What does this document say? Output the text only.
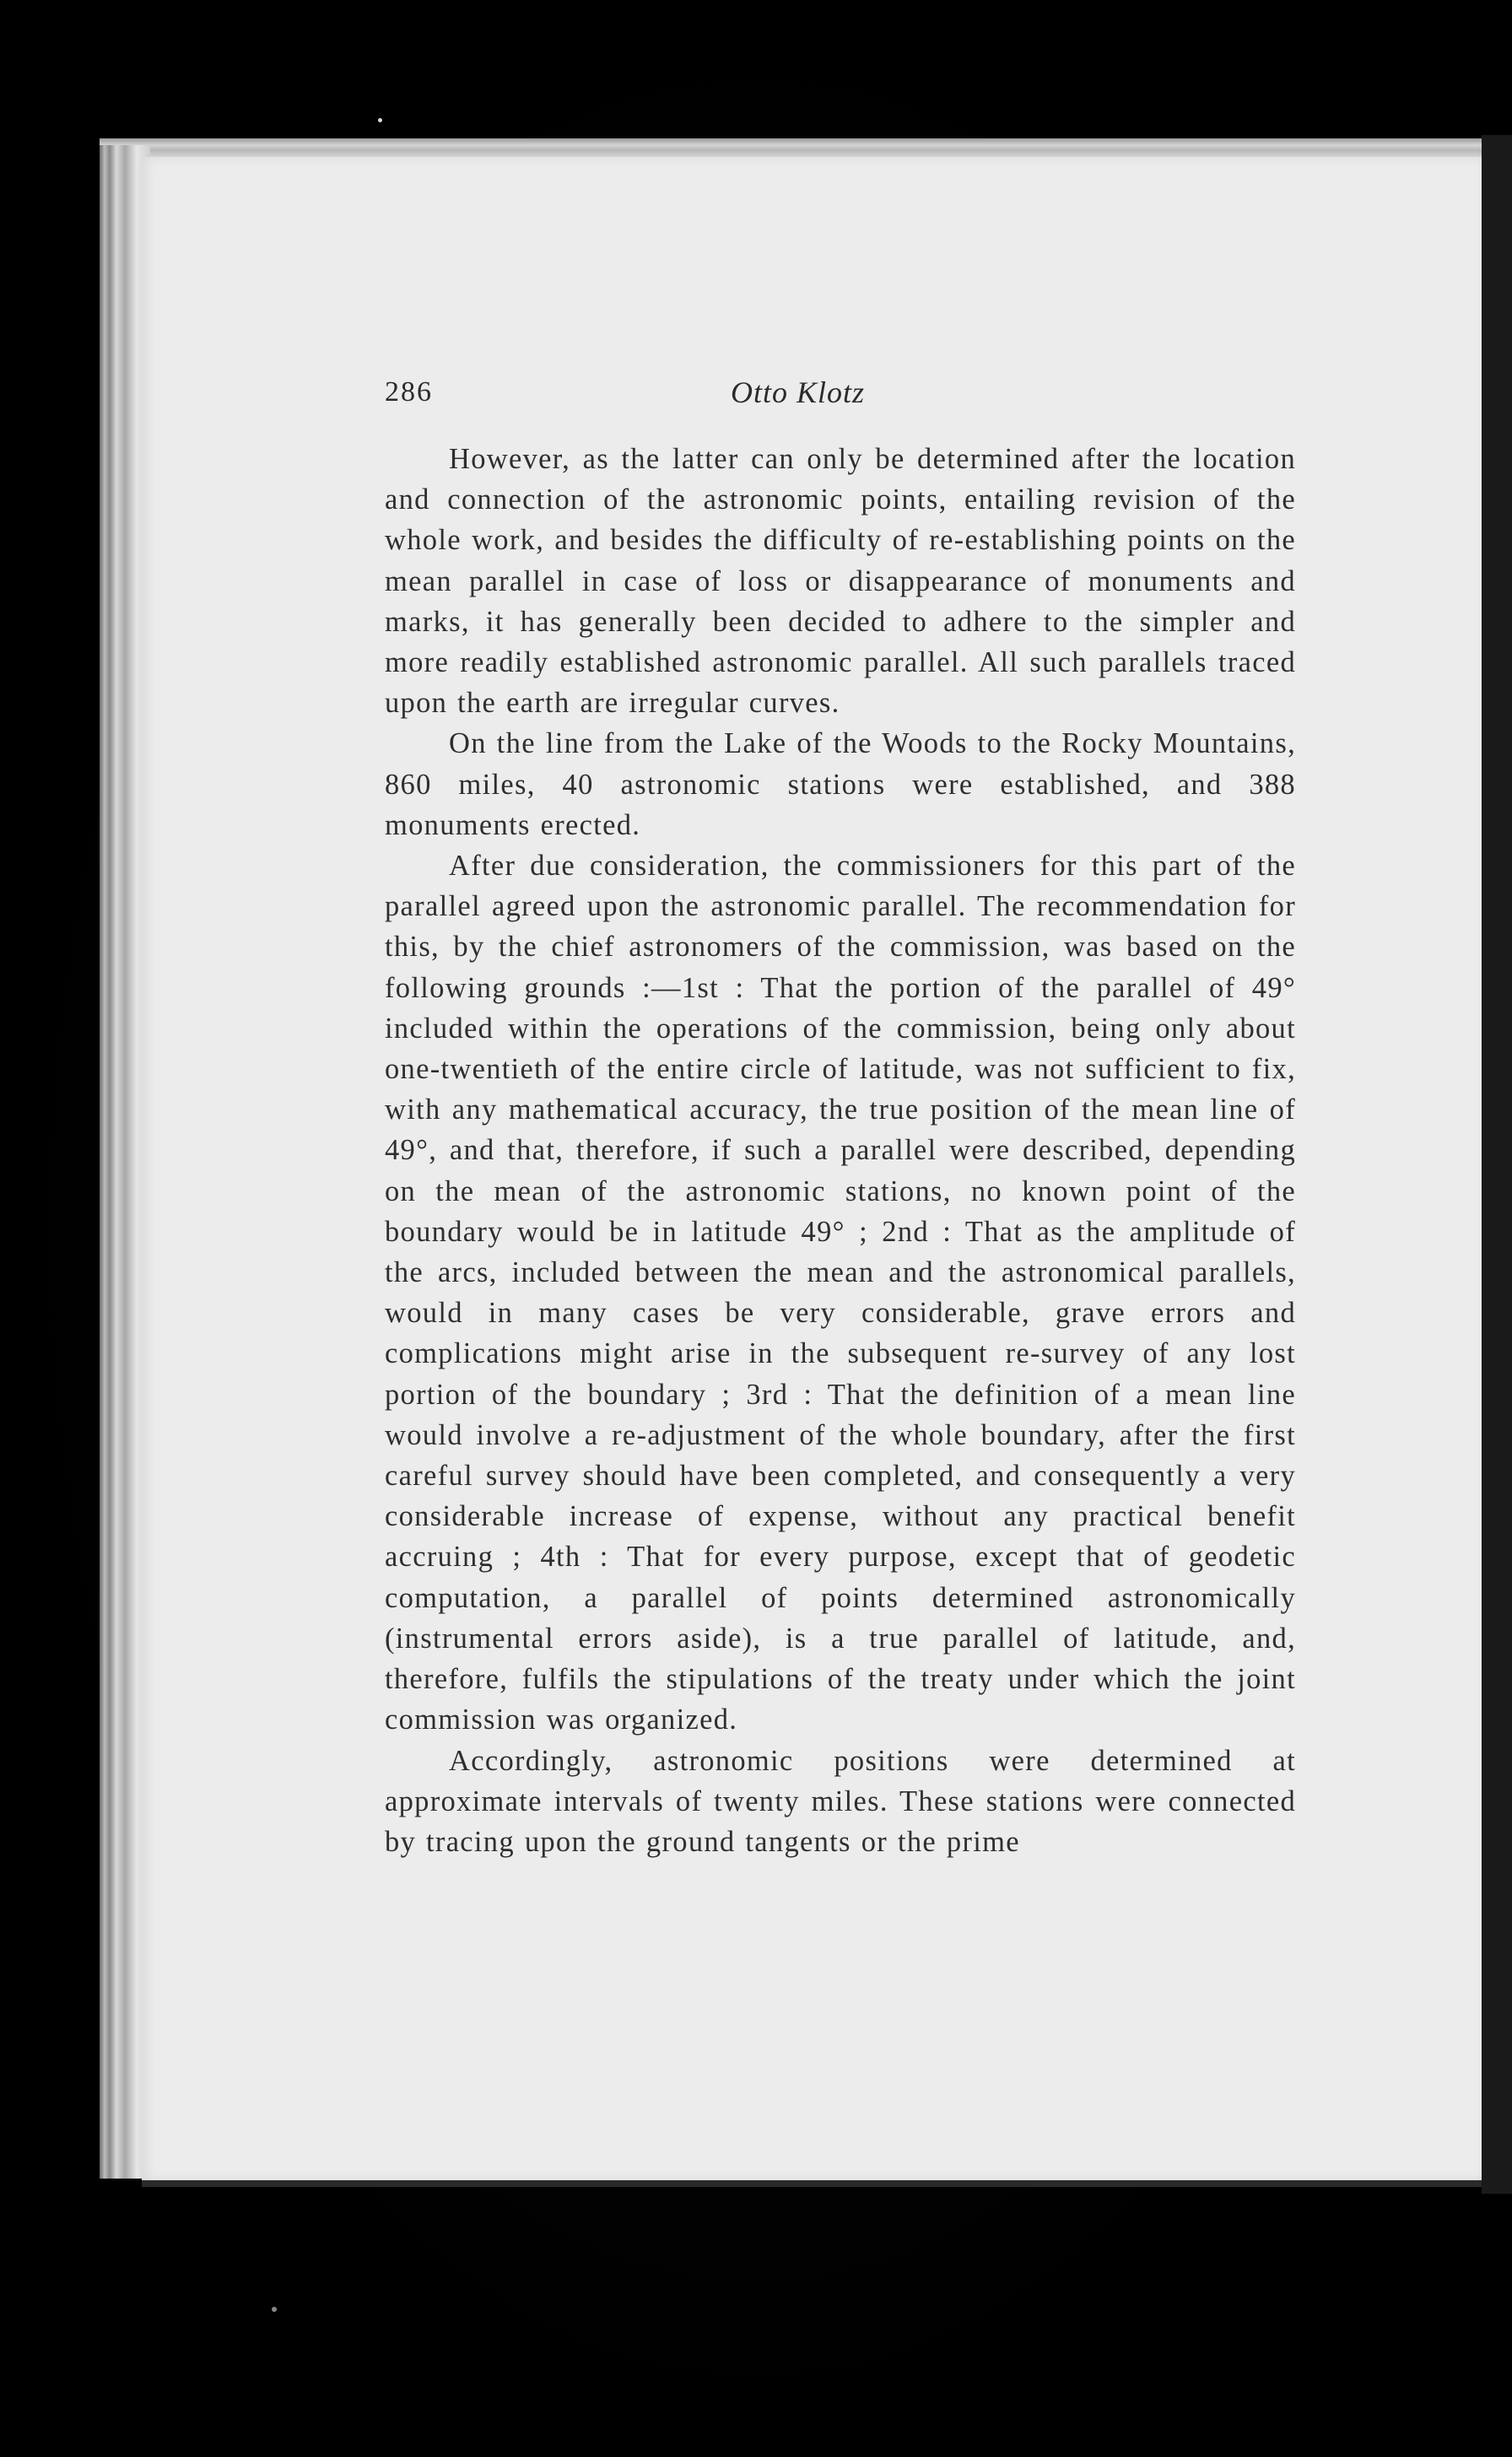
286	Otto Klotz

However, as the latter can only be determined after the location and connection of the astronomic points, entailing revision of the whole work, and besides the difficulty of re-establishing points on the mean parallel in case of loss or disappearance of monuments and marks, it has generally been decided to adhere to the simpler and more readily established astronomic parallel. All such parallels traced upon the earth are irregular curves.

On the line from the Lake of the Woods to the Rocky Mountains, 860 miles, 40 astronomic stations were established, and 388 monuments erected.

After due consideration, the commissioners for this part of the parallel agreed upon the astronomic parallel. The recommendation for this, by the chief astronomers of the commission, was based on the following grounds :—1st : That the portion of the parallel of 49° included within the operations of the commission, being only about one-twentieth of the entire circle of latitude, was not sufficient to fix, with any mathematical accuracy, the true position of the mean line of 49°, and that, therefore, if such a parallel were described, depending on the mean of the astronomic stations, no known point of the boundary would be in latitude 49° ; 2nd : That as the amplitude of the arcs, included between the mean and the astronomical parallels, would in many cases be very considerable, grave errors and complications might arise in the subsequent re-survey of any lost portion of the boundary ; 3rd : That the definition of a mean line would involve a re-adjustment of the whole boundary, after the first careful survey should have been completed, and consequently a very considerable increase of expense, without any practical benefit accruing ; 4th : That for every purpose, except that of geodetic computation, a parallel of points determined astronomically (instrumental errors aside), is a true parallel of latitude, and, therefore, fulfils the stipulations of the treaty under which the joint commission was organized.

Accordingly, astronomic positions were determined at approximate intervals of twenty miles. These stations were connected by tracing upon the ground tangents or the prime
